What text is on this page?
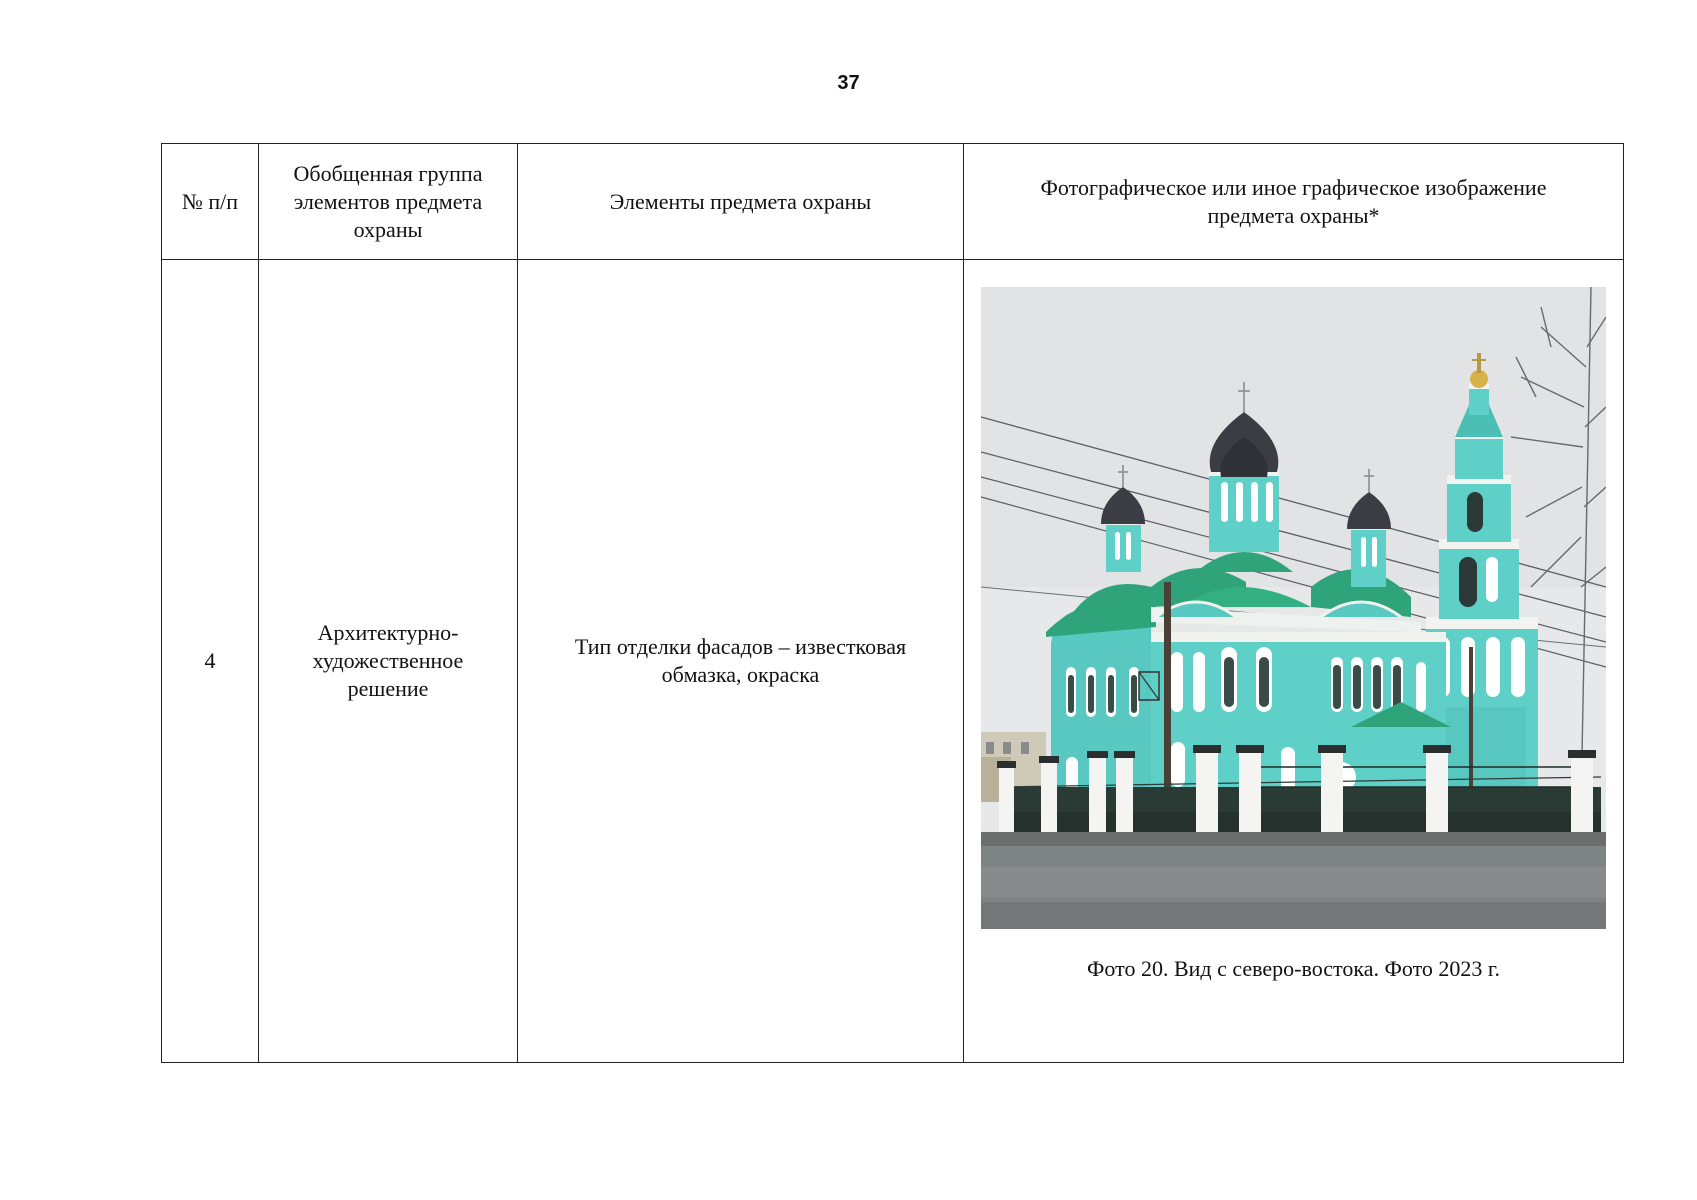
37
№ п/п	Обобщенная группа элементов предмета охраны	Элементы предмета охраны	Фотографическое или иное графическое изображение предмета охраны*
4	Архитектурно-художественное решение	Тип отделки фасадов – известковая обмазка, окраска	Фото 20. Вид с северо-востока. Фото 2023 г.
